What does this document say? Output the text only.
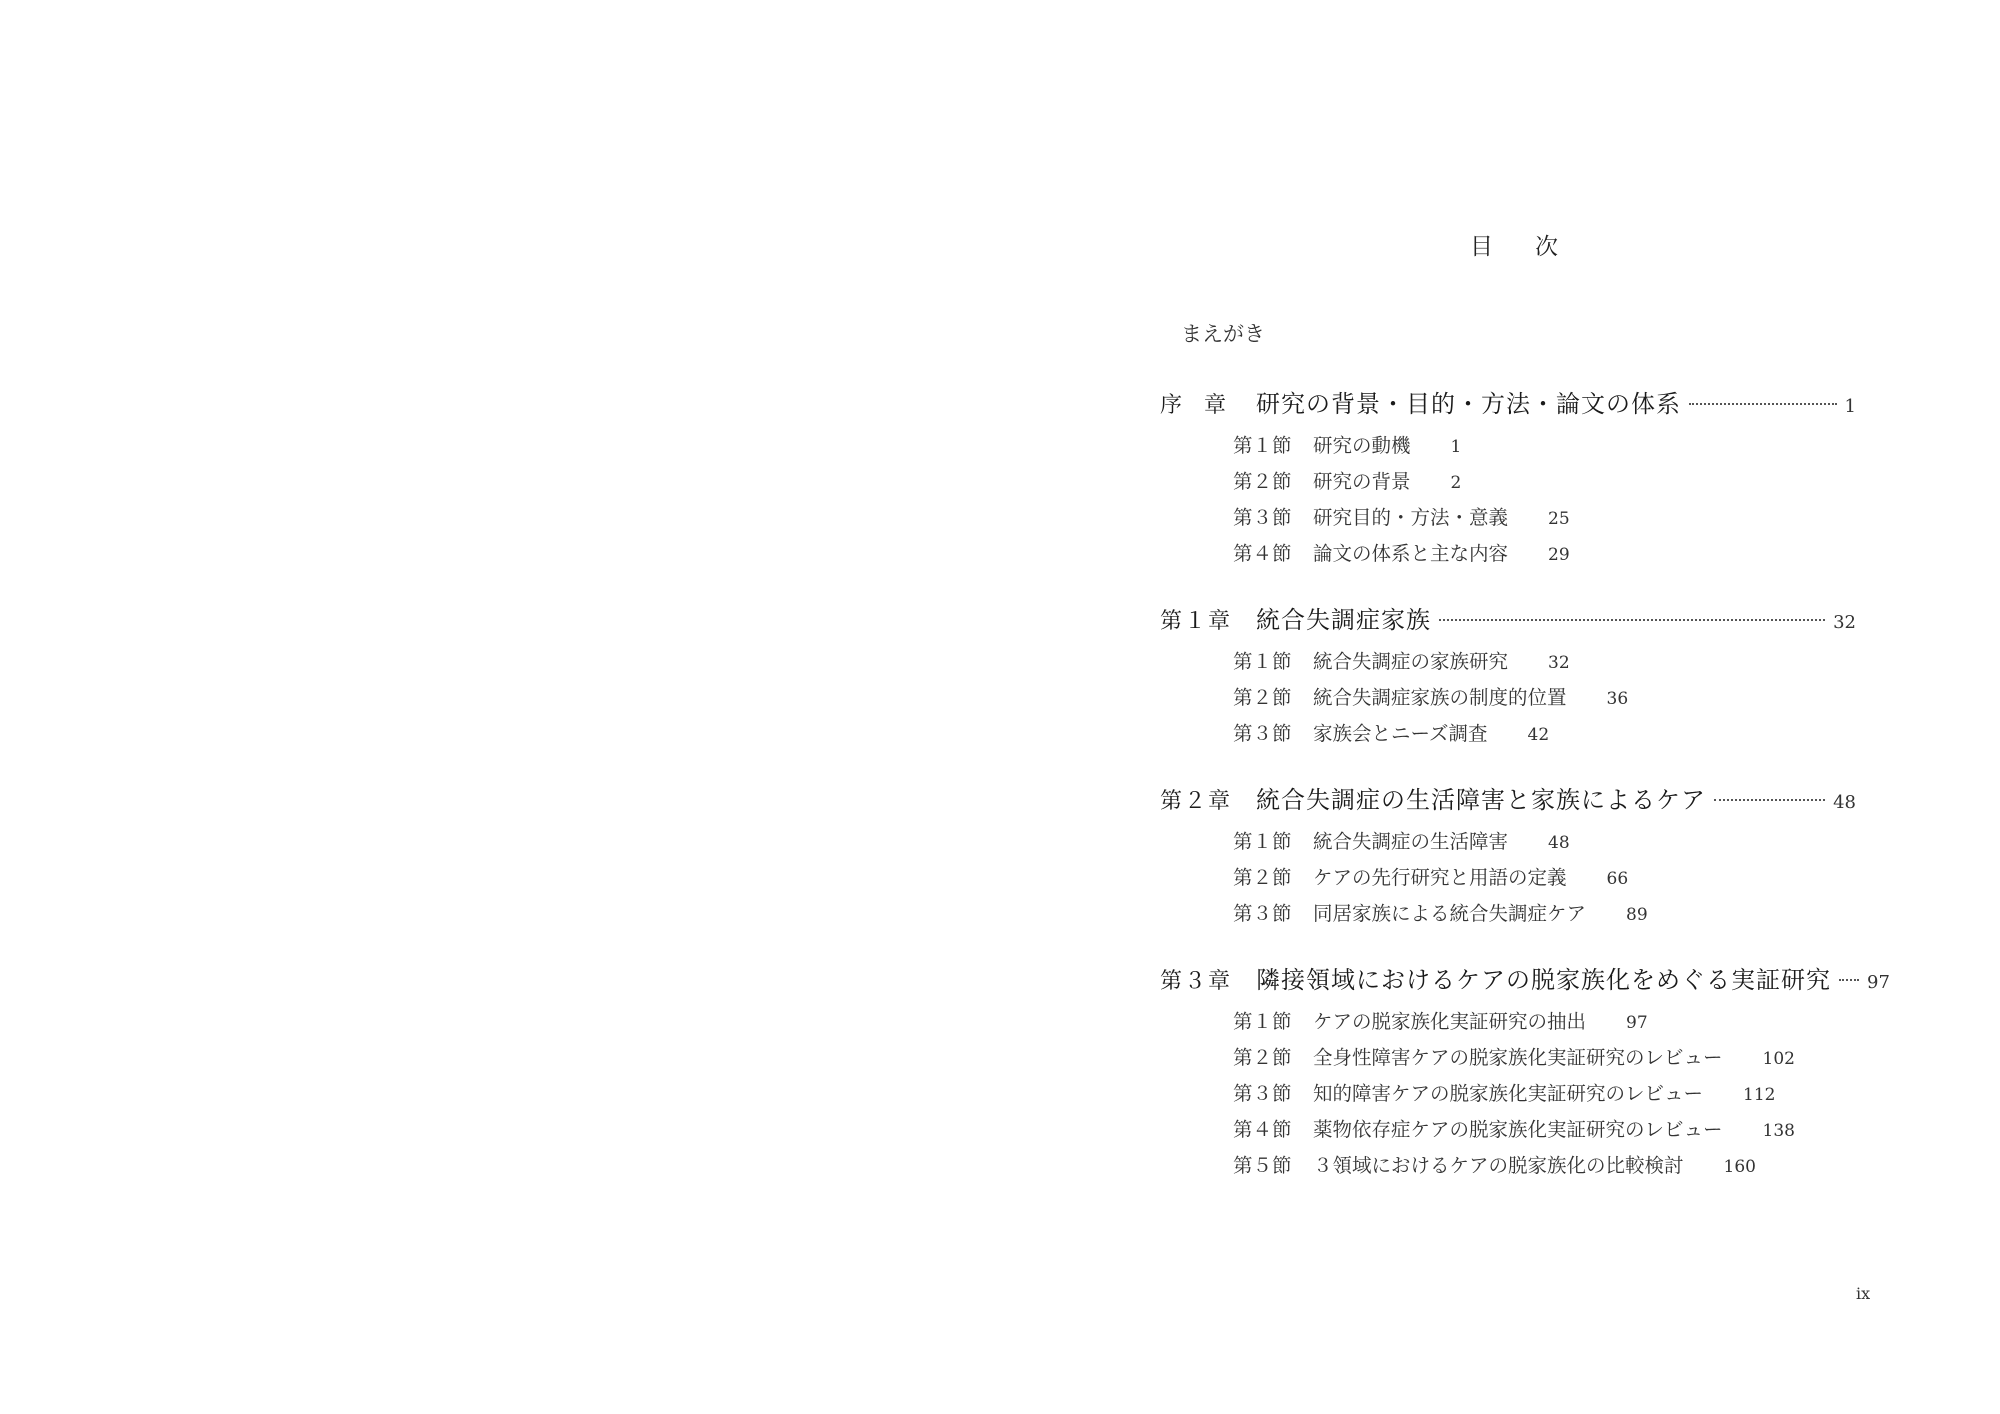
目 次
まえがき
序　章	研究の背景・目的・方法・論文の体系	1
第１節	研究の動機 1
第２節	研究の背景 2
第３節	研究目的・方法・意義 25
第４節	論文の体系と主な内容 29
第１章 統合失調症家族	32
第１節	統合失調症の家族研究 32
第２節	統合失調症家族の制度的位置 36
第３節	家族会とニーズ調査 42
第２章 統合失調症の生活障害と家族によるケア	48
第１節	統合失調症の生活障害 48
第２節	ケアの先行研究と用語の定義 66
第３節	同居家族による統合失調症ケア 89
第３章 隣接領域におけるケアの脱家族化をめぐる実証研究 97
第１節	ケアの脱家族化実証研究の抽出 97
第２節	全身性障害ケアの脱家族化実証研究のレビュー 102
第３節	知的障害ケアの脱家族化実証研究のレビュー 112
第４節	薬物依存症ケアの脱家族化実証研究のレビュー 138
第５節	３領域におけるケアの脱家族化の比較検討 160
ix
